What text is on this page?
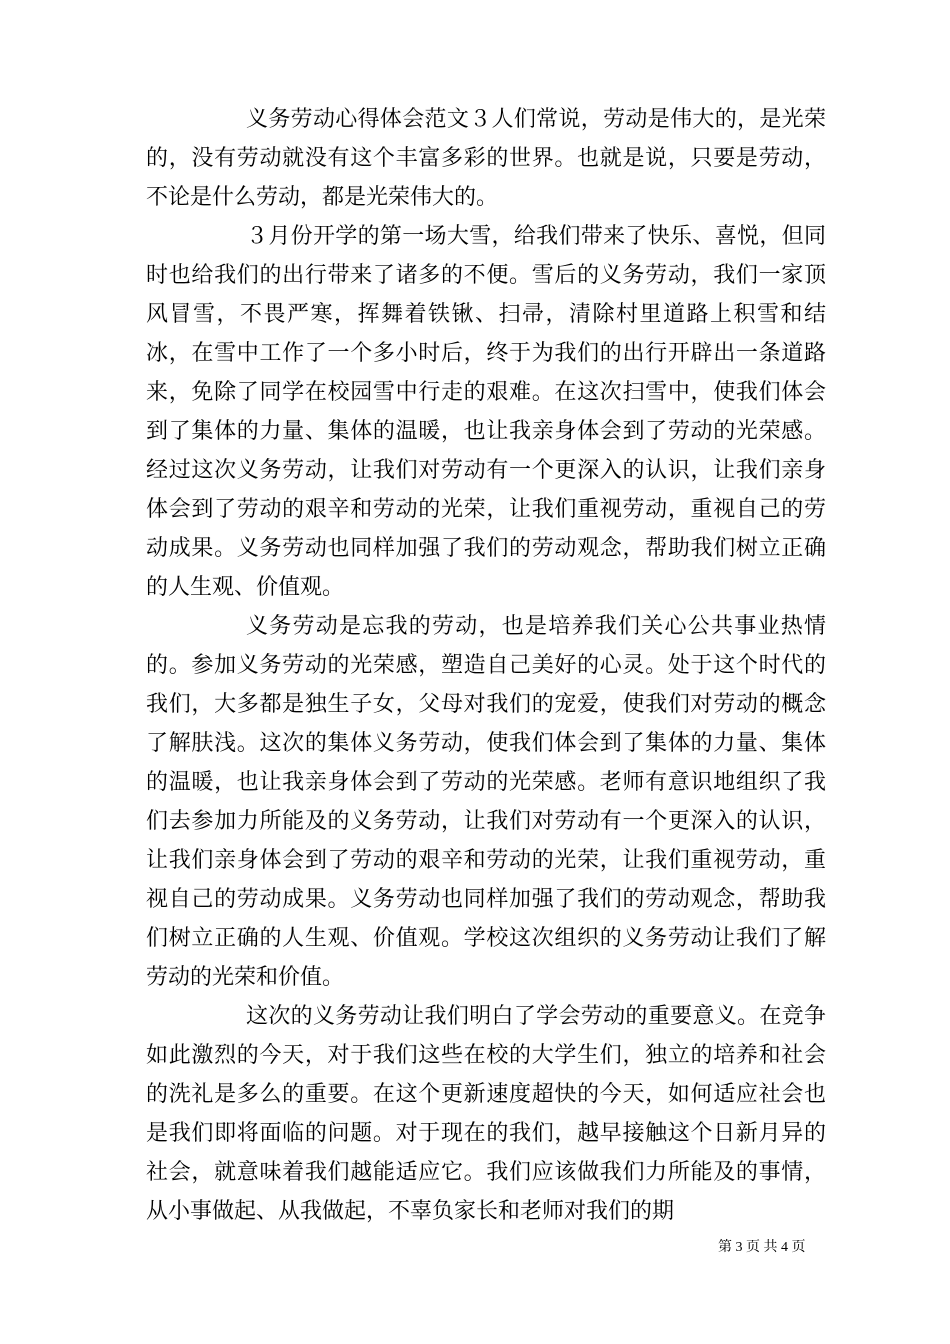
义务劳动心得体会范文３人们常说，劳动是伟大的，是光荣的，没有劳动就没有这个丰富多彩的世界。也就是说，只要是劳动，不论是什么劳动，都是光荣伟大的。

３月份开学的第一场大雪，给我们带来了快乐、喜悦，但同时也给我们的出行带来了诸多的不便。雪后的义务劳动，我们一家顶风冒雪，不畏严寒，挥舞着铁锹、扫帚，清除村里道路上积雪和结冰，在雪中工作了一个多小时后，终于为我们的出行开辟出一条道路来，免除了同学在校园雪中行走的艰难。在这次扫雪中，使我们体会到了集体的力量、集体的温暖，也让我亲身体会到了劳动的光荣感。经过这次义务劳动，让我们对劳动有一个更深入的认识，让我们亲身体会到了劳动的艰辛和劳动的光荣，让我们重视劳动，重视自己的劳动成果。义务劳动也同样加强了我们的劳动观念，帮助我们树立正确的人生观、价值观。

义务劳动是忘我的劳动，也是培养我们关心公共事业热情的。参加义务劳动的光荣感，塑造自己美好的心灵。处于这个时代的我们，大多都是独生子女，父母对我们的宠爱，使我们对劳动的概念了解肤浅。这次的集体义务劳动，使我们体会到了集体的力量、集体的温暖，也让我亲身体会到了劳动的光荣感。老师有意识地组织了我们去参加力所能及的义务劳动，让我们对劳动有一个更深入的认识，让我们亲身体会到了劳动的艰辛和劳动的光荣，让我们重视劳动，重视自己的劳动成果。义务劳动也同样加强了我们的劳动观念，帮助我们树立正确的人生观、价值观。学校这次组织的义务劳动让我们了解劳动的光荣和价值。

这次的义务劳动让我们明白了学会劳动的重要意义。在竞争如此激烈的今天，对于我们这些在校的大学生们，独立的培养和社会的洗礼是多么的重要。在这个更新速度超快的今天，如何适应社会也是我们即将面临的问题。对于现在的我们，越早接触这个日新月异的社会，就意味着我们越能适应它。我们应该做我们力所能及的事情，从小事做起、从我做起，不辜负家长和老师对我们的期

第 3 页 共 4 页
